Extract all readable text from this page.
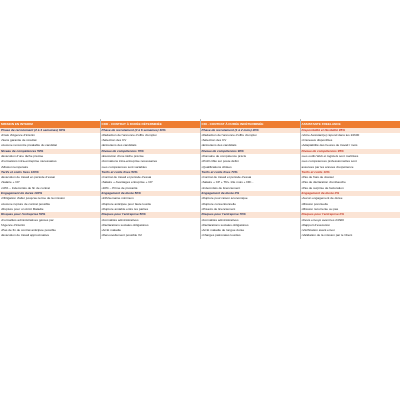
MISSION EN INTERIM	CDD - CONTRAT À DURÉE DÉTERMINÉE	CDI - CONTRAT À DURÉE INDÉTERMINÉE	ASSISTANTE FREELANCE
Phase de recrutement (2 à 4 semaines) 60%	Phase de recrutement (4 à 6 semaines) 40%	Phase de recrutement (1 à 2 mois) 20%	Disponibilité et flexibilité 95%
•Frais d'Agence d'intérim	•Rédaction de l'annonce d'offre d'emploi	•Rédaction de l'annonce d'offre d'emploi	•Votre Assistant(e) répond dans les 24h00
•Sans garantie de résultat	•Sélection des CV	•Sélection des CV	•Créneaux disponibles
•Aucune rencontre préalable du candidat	•Entretiens des candidats	•Entretiens des candidats	•Adaptabilité des heures de travail / mois
Niveau de compétences 50%	Niveau de compétences 70%	Niveau de compétences 90%	Niveau de compétences 95%
•Exécution d'une tâche précise	•Exécution d'une tâche précise	•Domaine de compétence précis	•Les outils Web et logiciels sont maîtrisés
•Formations intra-entreprise nécessaires	•Formations intra-entreprise nécessaires	•Profil ciblé sur poste défini	•Les compétences professionnelles sont
•Mission temporaire	•Les compétences sont variables	•Qualifications ciblées	assurées par les années d'expérience
Tarifs et coûts fixes 100%	Tarifs et coûts fixes 50%	Tarifs et coûts fixes 70%	Tarifs et coûts 10%
•Exécution de travail en période d'essai	•Contrat de travail et période d'essai	•Contrat de travail et période d'essai	•Pas de frais de dossier
•Salaire + CP	•Salaire + Avantages entreprise + CP	•Salaire + CP + TR+ 13e mois + DIF...	•Pas de déclaration d'embauche
•10% – Indemnités de fin de contrat	•10% – Prime de précarité	•Indemnités de licenciement	•Pas de surprise de facturation
Engagement de durée 100%	Engagement de durée 50%	Engagement de durée 0%	Engagement de durée 0%
•Obligation d'aller jusqu'au terme de la mission	•24h/semaine minimum	•Rupture pour raison économique	•Aucun engagement de durée
•Aucune rupture de contrat possible	•Rupture anticipée pour faute lourde	•Rupture conventionnelle	•Mission ponctuelle
•Rupture pour un Arrêt Maladie	•Rupture amiable entre les parties	•Préavis de licenciement	•Mission récurrente ou pas
Risques pour l'entreprise 50%	Risques pour l'entreprise 50%	Risques pour l'entreprise 70%	Risques pour l'entreprise 0%
•Formalités administratives gérées par	•Formalités administratives	•Formalités administratives	•Devis envoyé avant les 24h00
l'Agence d'intérim	•Déclarations sociales obligatoires	•Déclarations sociales obligatoires	•Rapport d'exécution
•Pas de fin de contrat anticipée possible	•Arrêt maladie	•Arrêt maladie de longue durée	•Vérification avant envoi
•Exécution de travail approximative	•Renouvellement possible X2	•Charges patronales lourdes	•Validation de la mission par le Client
